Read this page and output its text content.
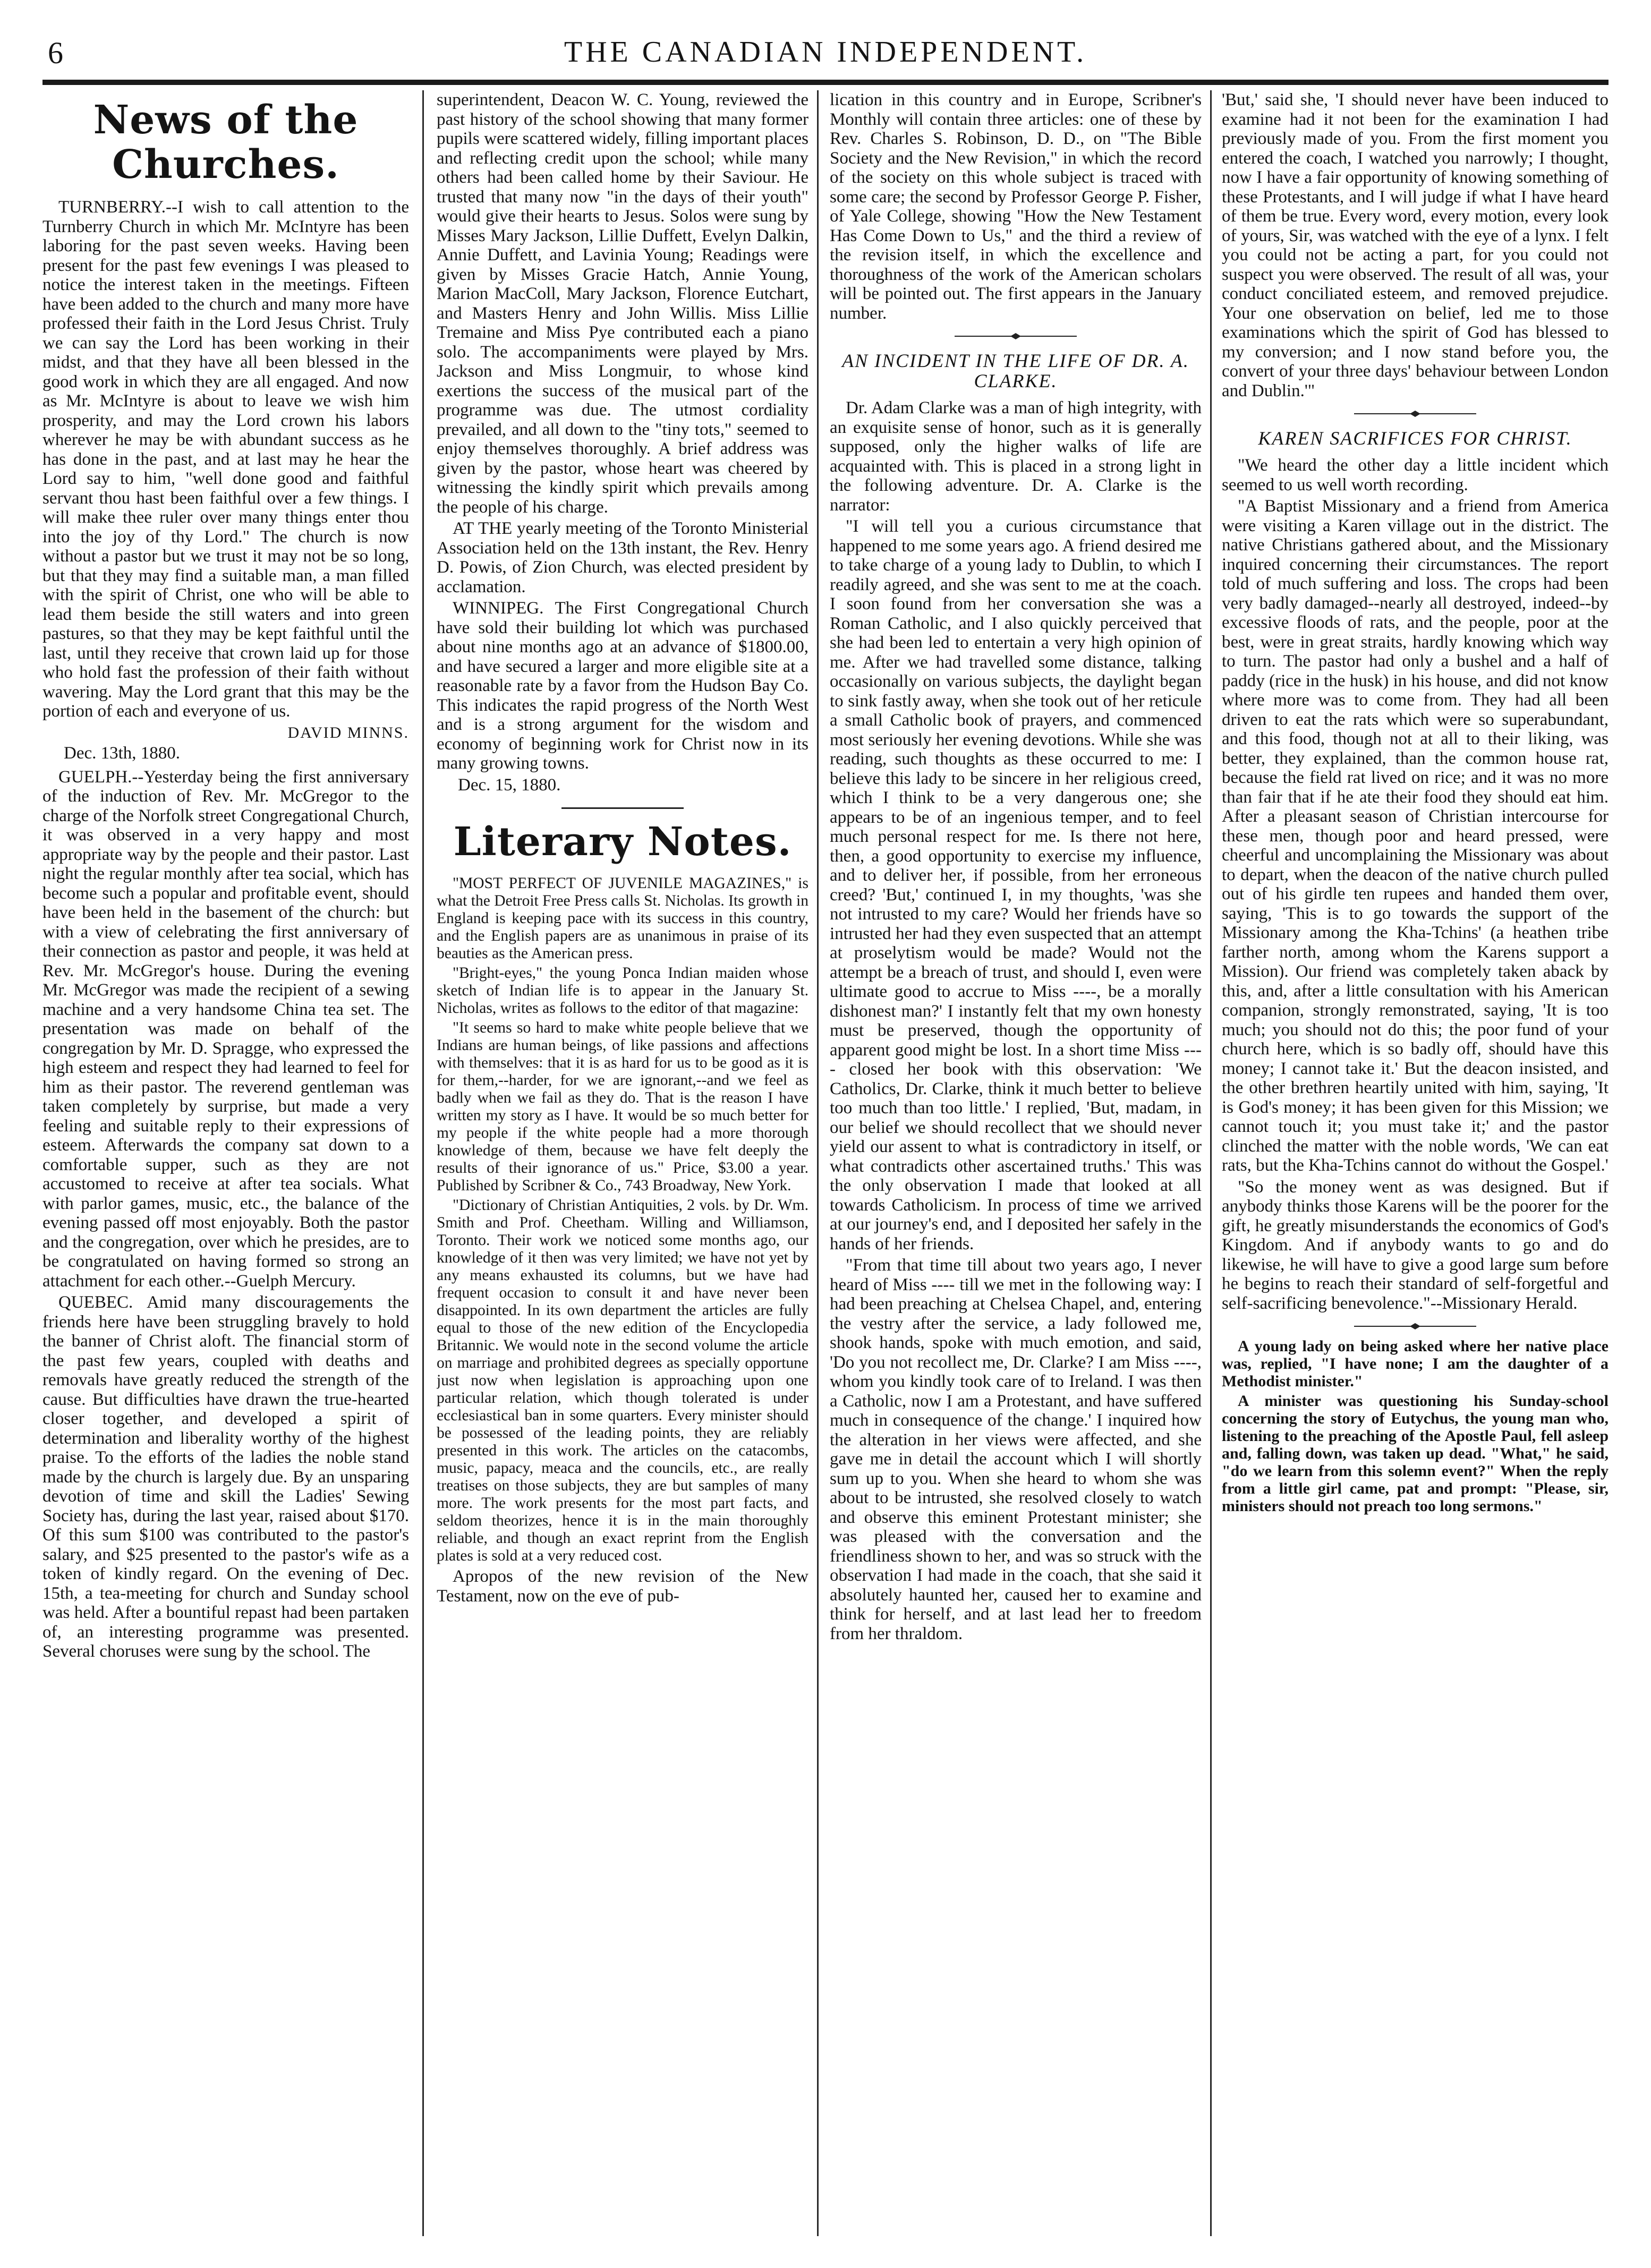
6	THE CANADIAN INDEPENDENT.
News of the Churches.

TURNBERRY.--I wish to call attention to the Turnberry Church in which Mr. McIntyre has been laboring for the past seven weeks. Having been present for the past few evenings I was pleased to notice the interest taken in the meetings. Fifteen have been added to the church and many more have professed their faith in the Lord Jesus Christ. Truly we can say the Lord has been working in their midst, and that they have all been blessed in the good work in which they are all engaged. And now as Mr. McIntyre is about to leave we wish him prosperity, and may the Lord crown his labors wherever he may be with abundant success as he has done in the past, and at last may he hear the Lord say to him, "well done good and faithful servant thou hast been faithful over a few things. I will make thee ruler over many things enter thou into the joy of thy Lord." The church is now without a pastor but we trust it may not be so long, but that they may find a suitable man, a man filled with the spirit of Christ, one who will be able to lead them beside the still waters and into green pastures, so that they may be kept faithful until the last, until they receive that crown laid up for those who hold fast the profession of their faith without wavering. May the Lord grant that this may be the portion of each and everyone of us.

DAVID MINNS.
Dec. 13th, 1880.

GUELPH.--Yesterday being the first anniversary of the induction of Rev. Mr. McGregor to the charge of the Norfolk street Congregational Church, it was observed in a very happy and most appropriate way by the people and their pastor. Last night the regular monthly after tea social, which has become such a popular and profitable event, should have been held in the basement of the church: but with a view of celebrating the first anniversary of their connection as pastor and people, it was held at Rev. Mr. McGregor's house. During the evening Mr. McGregor was made the recipient of a sewing machine and a very handsome China tea set. The presentation was made on behalf of the congregation by Mr. D. Spragge, who expressed the high esteem and respect they had learned to feel for him as their pastor. The reverend gentleman was taken completely by surprise, but made a very feeling and suitable reply to their expressions of esteem. Afterwards the company sat down to a comfortable supper, such as they are not accustomed to receive at after tea socials. What with parlor games, music, etc., the balance of the evening passed off most enjoyably. Both the pastor and the congregation, over which he presides, are to be congratulated on having formed so strong an attachment for each other.--Guelph Mercury.

QUEBEC. Amid many discouragements the friends here have been struggling bravely to hold the banner of Christ aloft. The financial storm of the past few years, coupled with deaths and removals have greatly reduced the strength of the cause. But difficulties have drawn the true-hearted closer together, and developed a spirit of determination and liberality worthy of the highest praise. To the efforts of the ladies the noble stand made by the church is largely due. By an unsparing devotion of time and skill the Ladies' Sewing Society has, during the last year, raised about $170. Of this sum $100 was contributed to the pastor's salary, and $25 presented to the pastor's wife as a token of kindly regard. On the evening of Dec. 15th, a tea-meeting for church and Sunday school was held. After a bountiful repast had been partaken of, an interesting programme was presented. Several choruses were sung by the school. The

superintendent, Deacon W. C. Young, reviewed the past history of the school showing that many former pupils were scattered widely, filling important places and reflecting credit upon the school; while many others had been called home by their Saviour. He trusted that many now "in the days of their youth" would give their hearts to Jesus. Solos were sung by Misses Mary Jackson, Lillie Duffett, Evelyn Dalkin, Annie Duffett, and Lavinia Young; Readings were given by Misses Gracie Hatch, Annie Young, Marion MacColl, Mary Jackson, Florence Eutchart, and Masters Henry and John Willis. Miss Lillie Tremaine and Miss Pye contributed each a piano solo. The accompaniments were played by Mrs. Jackson and Miss Longmuir, to whose kind exertions the success of the musical part of the programme was due. The utmost cordiality prevailed, and all down to the "tiny tots," seemed to enjoy themselves thoroughly. A brief address was given by the pastor, whose heart was cheered by witnessing the kindly spirit which prevails among the people of his charge.

AT THE yearly meeting of the Toronto Ministerial Association held on the 13th instant, the Rev. Henry D. Powis, of Zion Church, was elected president by acclamation.

WINNIPEG. The First Congregational Church have sold their building lot which was purchased about nine months ago at an advance of $1800.00, and have secured a larger and more eligible site at a reasonable rate by a favor from the Hudson Bay Co. This indicates the rapid progress of the North West and is a strong argument for the wisdom and economy of beginning work for Christ now in its many growing towns.

Dec. 15, 1880.
Literary Notes.

"MOST PERFECT OF JUVENILE MAGAZINES," is what the Detroit Free Press calls St. Nicholas. Its growth in England is keeping pace with its success in this country, and the English papers are as unanimous in praise of its beauties as the American press.

"Bright-eyes," the young Ponca Indian maiden whose sketch of Indian life is to appear in the January St. Nicholas, writes as follows to the editor of that magazine:

"It seems so hard to make white people believe that we Indians are human beings, of like passions and affections with themselves: that it is as hard for us to be good as it is for them,--harder, for we are ignorant,--and we feel as badly when we fail as they do. That is the reason I have written my story as I have. It would be so much better for my people if the white people had a more thorough knowledge of them, because we have felt deeply the results of their ignorance of us." Price, $3.00 a year. Published by Scribner & Co., 743 Broadway, New York.

"Dictionary of Christian Antiquities, 2 vols. by Dr. Wm. Smith and Prof. Cheetham. Willing and Williamson, Toronto. Their work we noticed some months ago, our knowledge of it then was very limited; we have not yet by any means exhausted its columns, but we have had frequent occasion to consult it and have never been disappointed. In its own department the articles are fully equal to those of the new edition of the Encyclopedia Britannic. We would note in the second volume the article on marriage and prohibited degrees as specially opportune just now when legislation is approaching upon one particular relation, which though tolerated is under ecclesiastical ban in some quarters. Every minister should be possessed of the leading points, they are reliably presented in this work. The articles on the catacombs, music, papacy, meaca and the councils, etc., are really treatises on those subjects, they are but samples of many more. The work presents for the most part facts, and seldom theorizes, hence it is in the main thoroughly reliable, and though an exact reprint from the English plates is sold at a very reduced cost.

Apropos of the new revision of the New Testament, now on the eve of pub-

lication in this country and in Europe, Scribner's Monthly will contain three articles: one of these by Rev. Charles S. Robinson, D. D., on "The Bible Society and the New Revision," in which the record of the society on this whole subject is traced with some care; the second by Professor George P. Fisher, of Yale College, showing "How the New Testament Has Come Down to Us," and the third a review of the revision itself, in which the excellence and thoroughness of the work of the American scholars will be pointed out. The first appears in the January number.

AN INCIDENT IN THE LIFE OF DR. A. CLARKE.

Dr. Adam Clarke was a man of high integrity, with an exquisite sense of honor, such as it is generally supposed, only the higher walks of life are acquainted with. This is placed in a strong light in the following adventure. Dr. A. Clarke is the narrator:

"I will tell you a curious circumstance that happened to me some years ago. A friend desired me to take charge of a young lady to Dublin, to which I readily agreed, and she was sent to me at the coach. I soon found from her conversation she was a Roman Catholic, and I also quickly perceived that she had been led to entertain a very high opinion of me. After we had travelled some distance, talking occasionally on various subjects, the daylight began to sink fastly away, when she took out of her reticule a small Catholic book of prayers, and commenced most seriously her evening devotions. While she was reading, such thoughts as these occurred to me: I believe this lady to be sincere in her religious creed, which I think to be a very dangerous one; she appears to be of an ingenious temper, and to feel much personal respect for me. Is there not here, then, a good opportunity to exercise my influence, and to deliver her, if possible, from her erroneous creed? 'But,' continued I, in my thoughts, 'was she not intrusted to my care? Would her friends have so intrusted her had they even suspected that an attempt at proselytism would be made? Would not the attempt be a breach of trust, and should I, even were ultimate good to accrue to Miss ----, be a morally dishonest man?' I instantly felt that my own honesty must be preserved, though the opportunity of apparent good might be lost. In a short time Miss ---- closed her book with this observation: 'We Catholics, Dr. Clarke, think it much better to believe too much than too little.' I replied, 'But, madam, in our belief we should recollect that we should never yield our assent to what is contradictory in itself, or what contradicts other ascertained truths.' This was the only observation I made that looked at all towards Catholicism. In process of time we arrived at our journey's end, and I deposited her safely in the hands of her friends.

"From that time till about two years ago, I never heard of Miss ---- till we met in the following way: I had been preaching at Chelsea Chapel, and, entering the vestry after the service, a lady followed me, shook hands, spoke with much emotion, and said, 'Do you not recollect me, Dr. Clarke? I am Miss ----, whom you kindly took care of to Ireland. I was then a Catholic, now I am a Protestant, and have suffered much in consequence of the change.' I inquired how the alteration in her views were affected, and she gave me in detail the account which I will shortly sum up to you. When she heard to whom she was about to be intrusted, she resolved closely to watch and observe this eminent Protestant minister; she was pleased with the conversation and the friendliness shown to her, and was so struck with the observation I had made in the coach, that she said it absolutely haunted her, caused her to examine and think for herself, and at last lead her to freedom from her thraldom.

'But,' said she, 'I should never have been induced to examine had it not been for the examination I had previously made of you. From the first moment you entered the coach, I watched you narrowly; I thought, now I have a fair opportunity of knowing something of these Protestants, and I will judge if what I have heard of them be true. Every word, every motion, every look of yours, Sir, was watched with the eye of a lynx. I felt you could not be acting a part, for you could not suspect you were observed. The result of all was, your conduct conciliated esteem, and removed prejudice. Your one observation on belief, led me to those examinations which the spirit of God has blessed to my conversion; and I now stand before you, the convert of your three days' behaviour between London and Dublin.'"

KAREN SACRIFICES FOR CHRIST.

"We heard the other day a little incident which seemed to us well worth recording.

"A Baptist Missionary and a friend from America were visiting a Karen village out in the district. The native Christians gathered about, and the Missionary inquired concerning their circumstances. The report told of much suffering and loss. The crops had been very badly damaged--nearly all destroyed, indeed--by excessive floods of rats, and the people, poor at the best, were in great straits, hardly knowing which way to turn. The pastor had only a bushel and a half of paddy (rice in the husk) in his house, and did not know where more was to come from. They had all been driven to eat the rats which were so superabundant, and this food, though not at all to their liking, was better, they explained, than the common house rat, because the field rat lived on rice; and it was no more than fair that if he ate their food they should eat him. After a pleasant season of Christian intercourse for these men, though poor and heard pressed, were cheerful and uncomplaining the Missionary was about to depart, when the deacon of the native church pulled out of his girdle ten rupees and handed them over, saying, 'This is to go towards the support of the Missionary among the Kha-Tchins' (a heathen tribe farther north, among whom the Karens support a Mission). Our friend was completely taken aback by this, and, after a little consultation with his American companion, strongly remonstrated, saying, 'It is too much; you should not do this; the poor fund of your church here, which is so badly off, should have this money; I cannot take it.' But the deacon insisted, and the other brethren heartily united with him, saying, 'It is God's money; it has been given for this Mission; we cannot touch it; you must take it;' and the pastor clinched the matter with the noble words, 'We can eat rats, but the Kha-Tchins cannot do without the Gospel.'

"So the money went as was designed. But if anybody thinks those Karens will be the poorer for the gift, he greatly misunderstands the economics of God's Kingdom. And if anybody wants to go and do likewise, he will have to give a good large sum before he begins to reach their standard of self-forgetful and self-sacrificing benevolence."--Missionary Herald.

A young lady on being asked where her native place was, replied, "I have none; I am the daughter of a Methodist minister."

A minister was questioning his Sunday-school concerning the story of Eutychus, the young man who, listening to the preaching of the Apostle Paul, fell asleep and, falling down, was taken up dead. "What," he said, "do we learn from this solemn event?" When the reply from a little girl came, pat and prompt: "Please, sir, ministers should not preach too long sermons."
